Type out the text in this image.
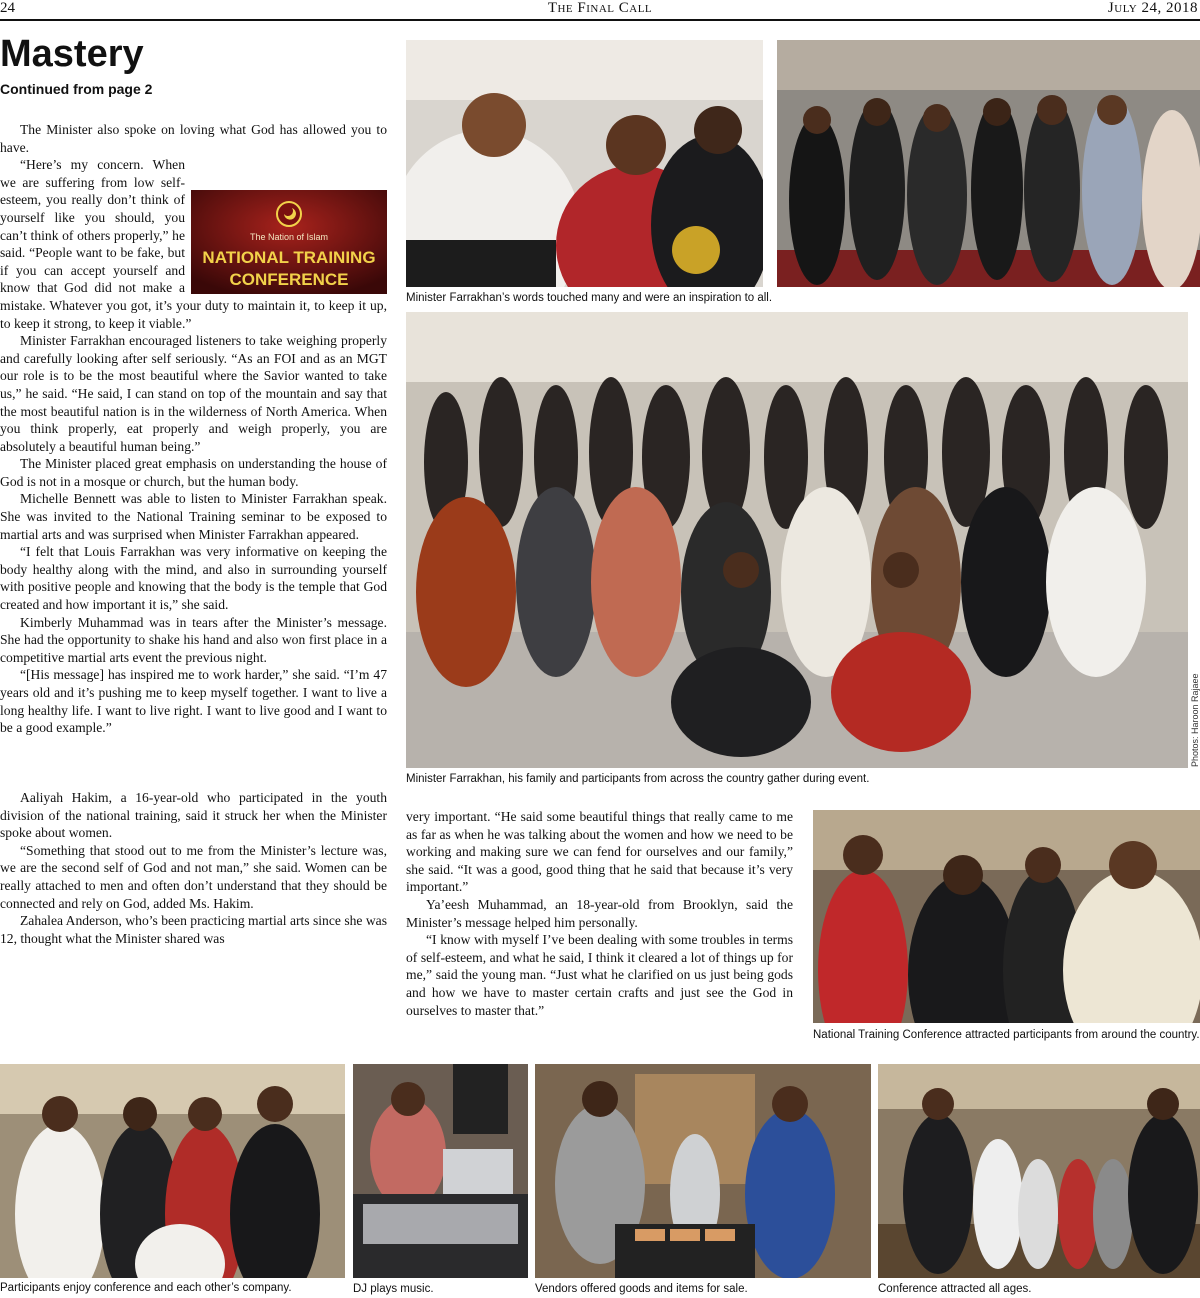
24	The Final Call	July 24, 2018
Mastery
Continued from page 2

The Minister also spoke on loving what God has allowed you to have.

The Nation of Islam
NATIONAL TRAINING
CONFERENCE

“Here’s my concern. When we are suffering from low self-esteem, you really don’t think of yourself like you should, you can’t think of others properly,” he said. “People want to be fake, but if you can accept yourself and know that God did not make a mistake. Whatever you got, it’s your duty to maintain it, to keep it up, to keep it strong, to keep it viable.”

Minister Farrakhan encouraged listeners to take weighing properly and carefully looking after self seriously. “As an FOI and as an MGT our role is to be the most beautiful where the Savior wanted to take us,” he said. “He said, I can stand on top of the mountain and say that the most beautiful nation is in the wilderness of North America. When you think properly, eat properly and weigh properly, you are absolutely a beautiful human being.”

The Minister placed great emphasis on understanding the house of God is not in a mosque or church, but the human body.

Michelle Bennett was able to listen to Minister Farrakhan speak. She was invited to the National Training seminar to be exposed to martial arts and was surprised when Minister Farrakhan appeared.

“I felt that Louis Farrakhan was very informative on keeping the body healthy along with the mind, and also in surrounding yourself with positive people and knowing that the body is the temple that God created and how important it is,” she said.

Kimberly Muhammad was in tears after the Minister’s message. She had the opportunity to shake his hand and also won first place in a competitive martial arts event the previous night.

“[His message] has inspired me to work harder,” she said. “I’m 47 years old and it’s pushing me to keep myself together. I want to live a long healthy life. I want to live right. I want to live good and I want to be a good example.”

Aaliyah Hakim, a 16-year-old who participated in the youth division of the national training, said it struck her when the Minister spoke about women.

“Something that stood out to me from the Minister’s lecture was, we are the second self of God and not man,” she said. Women can be really attached to men and often don’t understand that they should be connected and rely on God, added Ms. Hakim.

Zahalea Anderson, who’s been practicing martial arts since she was 12, thought what the Minister shared was

very important. “He said some beautiful things that really came to me as far as when he was talking about the women and how we need to be working and making sure we can fend for ourselves and our family,” she said. “It was a good, good thing that he said that because it’s very important.”

Ya’eesh Muhammad, an 18-year-old from Brooklyn, said the Minister’s message helped him personally.

“I know with myself I’ve been dealing with some troubles in terms of self-esteem, and what he said, I think it cleared a lot of things up for me,” said the young man. “Just what he clarified on us just being gods and how we have to master certain crafts and just see the God in ourselves to master that.”

Minister Farrakhan’s words touched many and were an inspiration to all.
Photos: Haroon Rajaee
Minister Farrakhan, his family and participants from across the country gather during event.
National Training Conference attracted participants from around the country.
Participants enjoy conference and each other’s company.	DJ plays music.	Vendors offered goods and items for sale.	Conference attracted all ages.
